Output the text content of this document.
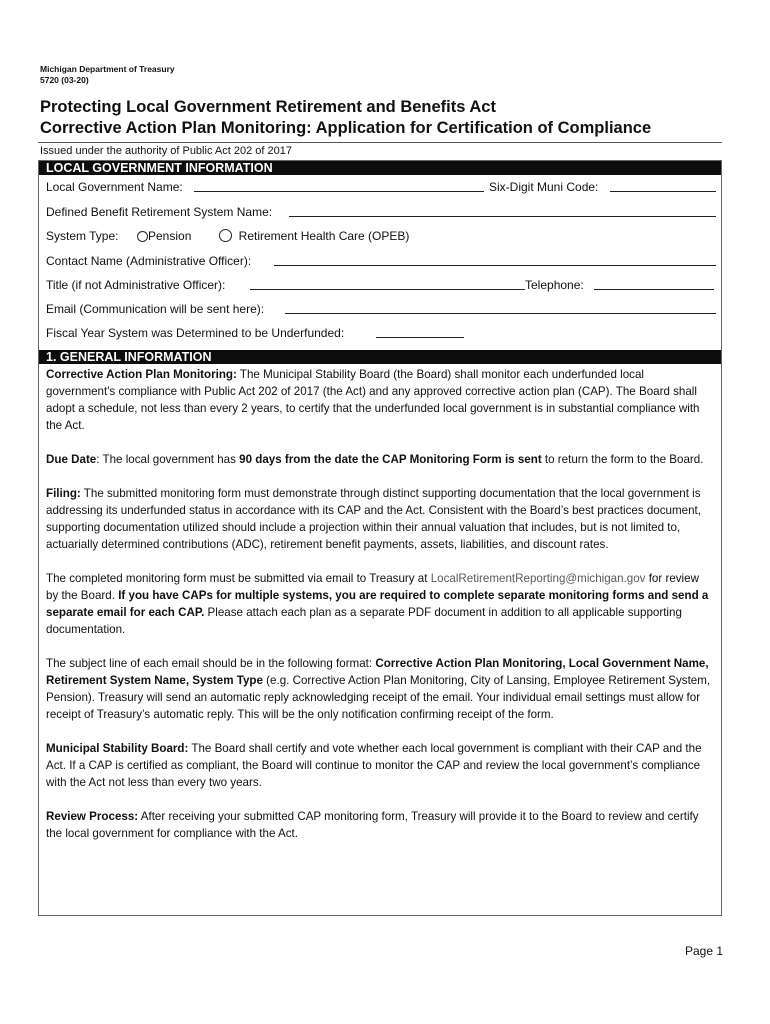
Michigan Department of Treasury
5720 (03-20)
Protecting Local Government Retirement and Benefits Act
Corrective Action Plan Monitoring: Application for Certification of Compliance
Issued under the authority of Public Act 202 of 2017
LOCAL GOVERNMENT INFORMATION
Local Government Name:	Six-Digit Muni Code:
Defined Benefit Retirement System Name:
System Type:	Pension	Retirement Health Care (OPEB)
Contact Name (Administrative Officer):
Title (if not Administrative Officer):	Telephone:
Email (Communication will be sent here):
Fiscal Year System was Determined to be Underfunded:
1. GENERAL INFORMATION

Corrective Action Plan Monitoring: The Municipal Stability Board (the Board) shall monitor each underfunded local government's compliance with Public Act 202 of 2017 (the Act) and any approved corrective action plan (CAP). The Board shall adopt a schedule, not less than every 2 years, to certify that the underfunded local government is in substantial compliance with the Act.

Due Date: The local government has 90 days from the date the CAP Monitoring Form is sent to return the form to the Board.

Filing: The submitted monitoring form must demonstrate through distinct supporting documentation that the local government is addressing its underfunded status in accordance with its CAP and the Act. Consistent with the Board’s best practices document, supporting documentation utilized should include a projection within their annual valuation that includes, but is not limited to, actuarially determined contributions (ADC), retirement benefit payments, assets, liabilities, and discount rates.

The completed monitoring form must be submitted via email to Treasury at LocalRetirementReporting@michigan.gov for review by the Board. If you have CAPs for multiple systems, you are required to complete separate monitoring forms and send a separate email for each CAP. Please attach each plan as a separate PDF document in addition to all applicable supporting documentation.

The subject line of each email should be in the following format: Corrective Action Plan Monitoring, Local Government Name, Retirement System Name, System Type (e.g. Corrective Action Plan Monitoring, City of Lansing, Employee Retirement System, Pension). Treasury will send an automatic reply acknowledging receipt of the email. Your individual email settings must allow for receipt of Treasury’s automatic reply. This will be the only notification confirming receipt of the form.

Municipal Stability Board: The Board shall certify and vote whether each local government is compliant with their CAP and the Act. If a CAP is certified as compliant, the Board will continue to monitor the CAP and review the local government’s compliance with the Act not less than every two years.

Review Process: After receiving your submitted CAP monitoring form, Treasury will provide it to the Board to review and certify the local government for compliance with the Act.

Page 1
